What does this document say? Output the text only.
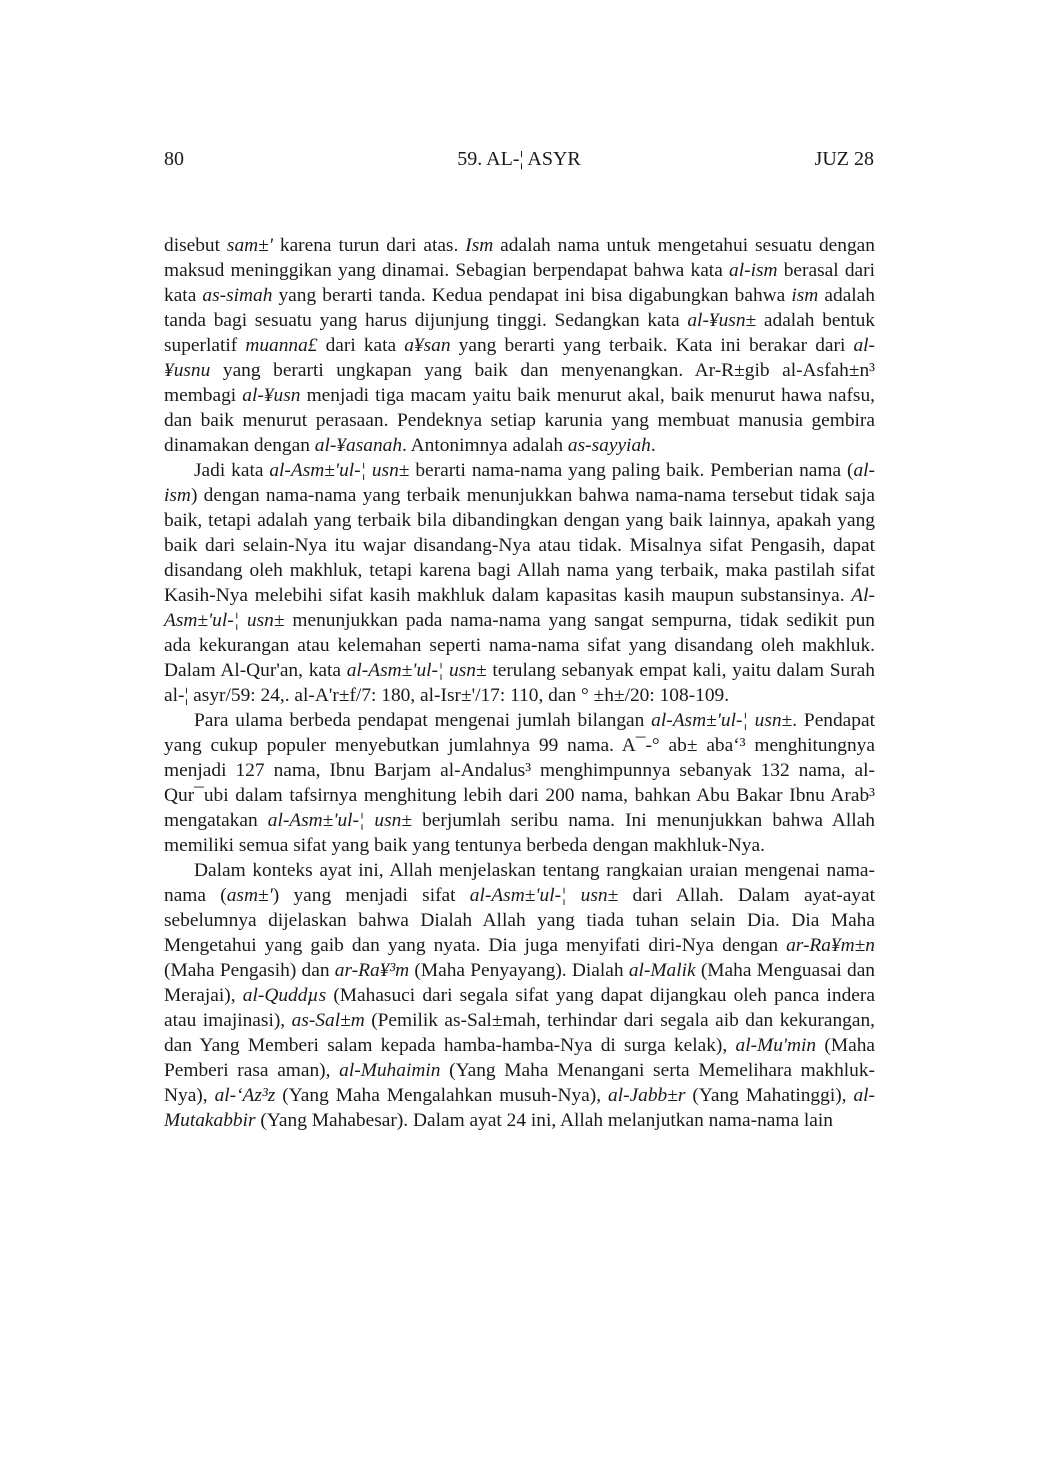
80	59. AL-¦ ASYR	JUZ 28

disebut sam±' karena turun dari atas. Ism adalah nama untuk mengetahui sesuatu dengan maksud meninggikan yang dinamai. Sebagian berpendapat bahwa kata al-ism berasal dari kata as-simah yang berarti tanda. Kedua pendapat ini bisa digabungkan bahwa ism adalah tanda bagi sesuatu yang harus dijunjung tinggi. Sedangkan kata al-¥usn± adalah bentuk superlatif muanna£ dari kata a¥san yang berarti yang terbaik. Kata ini berakar dari al-¥usnu yang berarti ungkapan yang baik dan menyenangkan. Ar-R±gib al-Asfah±n³ membagi al-¥usn menjadi tiga macam yaitu baik menurut akal, baik menurut hawa nafsu, dan baik menurut perasaan. Pendeknya setiap karunia yang membuat manusia gembira dinamakan dengan al-¥asanah. Antonimnya adalah as-sayyiah.

Jadi kata al-Asm±'ul-¦ usn± berarti nama-nama yang paling baik. Pemberian nama (al-ism) dengan nama-nama yang terbaik menunjukkan bahwa nama-nama tersebut tidak saja baik, tetapi adalah yang terbaik bila dibandingkan dengan yang baik lainnya, apakah yang baik dari selain-Nya itu wajar disandang-Nya atau tidak. Misalnya sifat Pengasih, dapat disandang oleh makhluk, tetapi karena bagi Allah nama yang terbaik, maka pastilah sifat Kasih-Nya melebihi sifat kasih makhluk dalam kapasitas kasih maupun substansinya. Al-Asm±'ul-¦ usn± menunjukkan pada nama-nama yang sangat sempurna, tidak sedikit pun ada kekurangan atau kelemahan seperti nama-nama sifat yang disandang oleh makhluk. Dalam Al-Qur'an, kata al-Asm±'ul-¦ usn± terulang sebanyak empat kali, yaitu dalam Surah al-¦ asyr/59: 24,. al-A'r±f/7: 180, al-Isr±'/17: 110, dan ° ±h±/20: 108-109.

Para ulama berbeda pendapat mengenai jumlah bilangan al-Asm±'ul-¦ usn±. Pendapat yang cukup populer menyebutkan jumlahnya 99 nama. A¯-° ab± aba‘³ menghitungnya menjadi 127 nama, Ibnu Barjam al-Andalus³ menghimpunnya sebanyak 132 nama, al-Qur¯ubi dalam tafsirnya menghitung lebih dari 200 nama, bahkan Abu Bakar Ibnu Arab³ mengatakan al-Asm±'ul-¦ usn± berjumlah seribu nama. Ini menunjukkan bahwa Allah memiliki semua sifat yang baik yang tentunya berbeda dengan makhluk-Nya.

Dalam konteks ayat ini, Allah menjelaskan tentang rangkaian uraian mengenai nama-nama (asm±') yang menjadi sifat al-Asm±'ul-¦ usn± dari Allah. Dalam ayat-ayat sebelumnya dijelaskan bahwa Dialah Allah yang tiada tuhan selain Dia. Dia Maha Mengetahui yang gaib dan yang nyata. Dia juga menyifati diri-Nya dengan ar-Ra¥m±n (Maha Pengasih) dan ar-Ra¥³m (Maha Penyayang). Dialah al-Malik (Maha Menguasai dan Merajai), al-Quddµs (Mahasuci dari segala sifat yang dapat dijangkau oleh panca indera atau imajinasi), as-Sal±m (Pemilik as-Sal±mah, terhindar dari segala aib dan kekurangan, dan Yang Memberi salam kepada hamba-hamba-Nya di surga kelak), al-Mu'min (Maha Pemberi rasa aman), al-Muhaimin (Yang Maha Menangani serta Memelihara makhluk-Nya), al-‘Az³z (Yang Maha Mengalahkan musuh-Nya), al-Jabb±r (Yang Mahatinggi), al-Mutakabbir (Yang Mahabesar). Dalam ayat 24 ini, Allah melanjutkan nama-nama lain
